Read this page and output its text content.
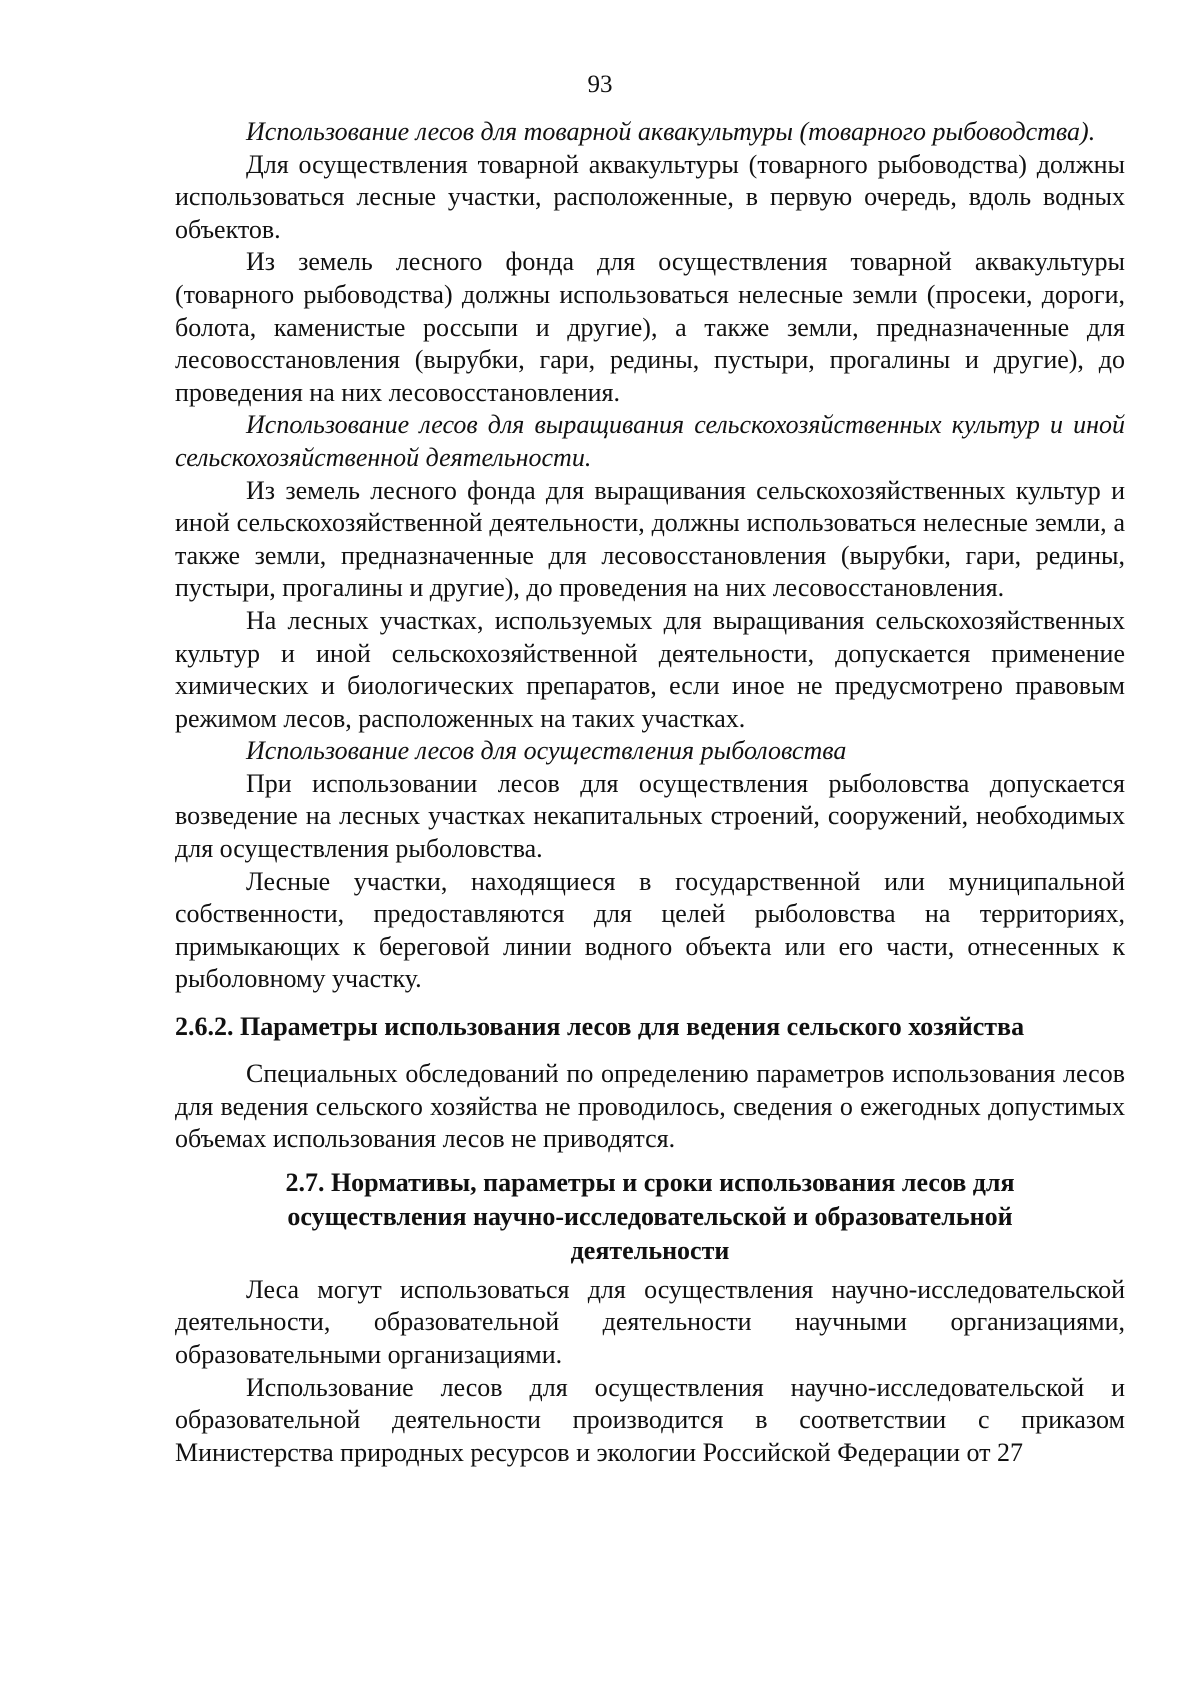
93

Использование лесов для товарной аквакультуры (товарного рыбоводства).

Для осуществления товарной аквакультуры (товарного рыбоводства) должны использоваться лесные участки, расположенные, в первую очередь, вдоль водных объектов.

Из земель лесного фонда для осуществления товарной аквакультуры (товарного рыбоводства) должны использоваться нелесные земли (просеки, дороги, болота, каменистые россыпи и другие), а также земли, предназначенные для лесовосстановления (вырубки, гари, редины, пустыри, прогалины и другие), до проведения на них лесовосстановления.

Использование лесов для выращивания сельскохозяйственных культур и иной сельскохозяйственной деятельности.

Из земель лесного фонда для выращивания сельскохозяйственных культур и иной сельскохозяйственной деятельности, должны использоваться нелесные земли, а также земли, предназначенные для лесовосстановления (вырубки, гари, редины, пустыри, прогалины и другие), до проведения на них лесовосстановления.

На лесных участках, используемых для выращивания сельскохозяйственных культур и иной сельскохозяйственной деятельности, допускается применение химических и биологических препаратов, если иное не предусмотрено правовым режимом лесов, расположенных на таких участках.

Использование лесов для осуществления рыболовства

При использовании лесов для осуществления рыболовства допускается возведение на лесных участках некапитальных строений, сооружений, необходимых для осуществления рыболовства.

Лесные участки, находящиеся в государственной или муниципальной собственности, предоставляются для целей рыболовства на территориях, примыкающих к береговой линии водного объекта или его части, отнесенных к рыболовному участку.

2.6.2. Параметры использования лесов для ведения сельского хозяйства

Специальных обследований по определению параметров использования лесов для ведения сельского хозяйства не проводилось, сведения о ежегодных допустимых объемах использования лесов не приводятся.

2.7. Нормативы, параметры и сроки использования лесов для
осуществления научно-исследовательской и образовательной
деятельности

Леса могут использоваться для осуществления научно-исследовательской деятельности, образовательной деятельности научными организациями, образовательными организациями.

Использование лесов для осуществления научно-исследовательской и образовательной деятельности производится в соответствии с приказом Министерства природных ресурсов и экологии Российской Федерации от 27
